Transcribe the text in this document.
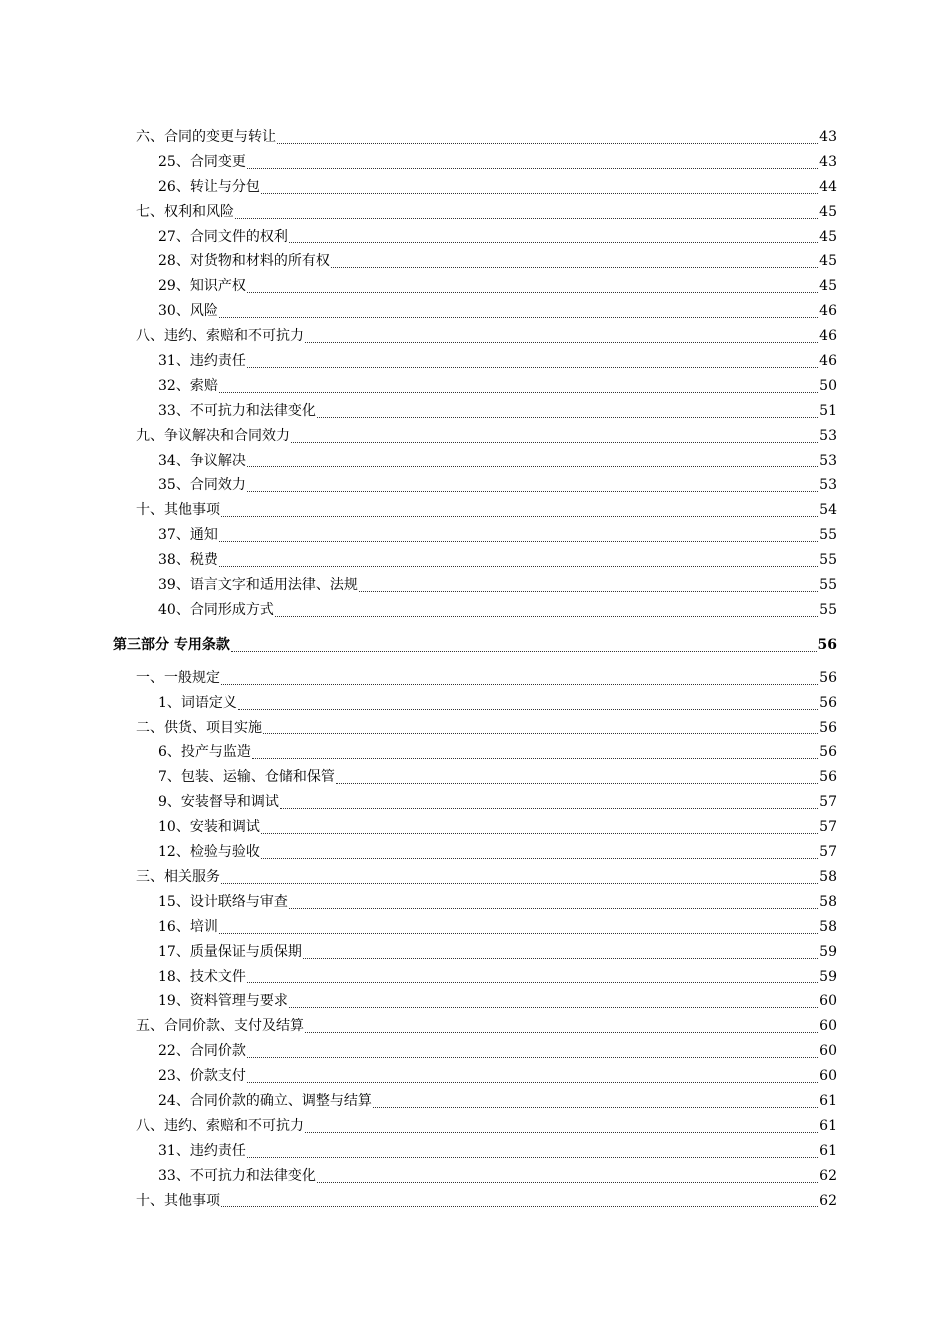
六、合同的变更与转让	43
25、合同变更	43
26、转让与分包	44
七、权利和风险	45
27、合同文件的权利	45
28、对货物和材料的所有权	45
29、知识产权	45
30、风险	46
八、违约、索赔和不可抗力	46
31、违约责任	46
32、索赔	50
33、不可抗力和法律变化	51
九、争议解决和合同效力	53
34、争议解决	53
35、合同效力	53
十、其他事项	54
37、通知	55
38、税费	55
39、语言文字和适用法律、法规	55
40、合同形成方式	55
第三部分 专用条款	56
一、一般规定	56
1、词语定义	56
二、供货、项目实施	56
6、投产与监造	56
7、包装、运输、仓储和保管	56
9、安装督导和调试	57
10、安装和调试	57
12、检验与验收	57
三、相关服务	58
15、设计联络与审查	58
16、培训	58
17、质量保证与质保期	59
18、技术文件	59
19、资料管理与要求	60
五、合同价款、支付及结算	60
22、合同价款	60
23、价款支付	60
24、合同价款的确立、调整与结算	61
八、违约、索赔和不可抗力	61
31、违约责任	61
33、不可抗力和法律变化	62
十、其他事项	62
